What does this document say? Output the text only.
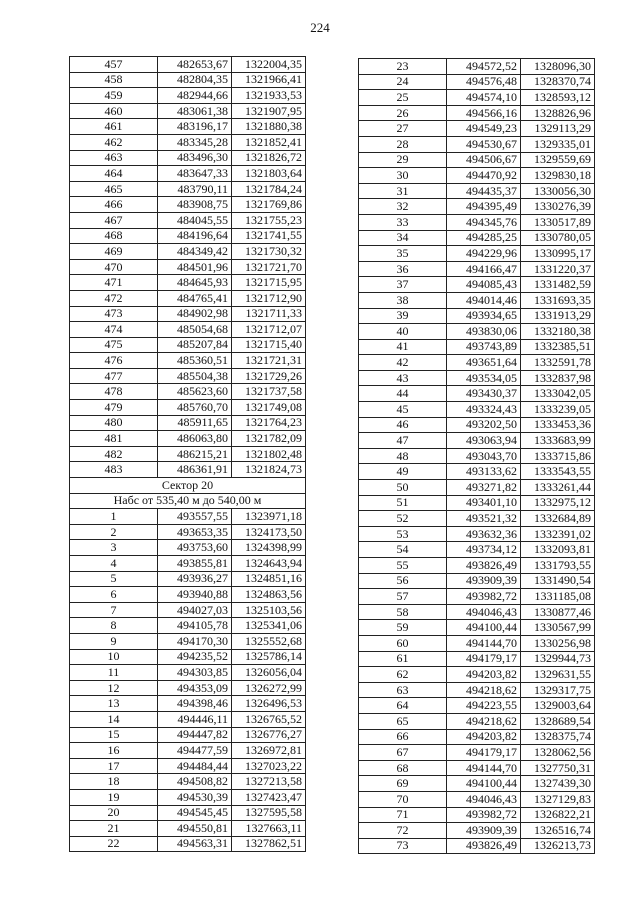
224
457	482653,67	1322004,35
458	482804,35	1321966,41
459	482944,66	1321933,53
460	483061,38	1321907,95
461	483196,17	1321880,38
462	483345,28	1321852,41
463	483496,30	1321826,72
464	483647,33	1321803,64
465	483790,11	1321784,24
466	483908,75	1321769,86
467	484045,55	1321755,23
468	484196,64	1321741,55
469	484349,42	1321730,32
470	484501,96	1321721,70
471	484645,93	1321715,95
472	484765,41	1321712,90
473	484902,98	1321711,33
474	485054,68	1321712,07
475	485207,84	1321715,40
476	485360,51	1321721,31
477	485504,38	1321729,26
478	485623,60	1321737,58
479	485760,70	1321749,08
480	485911,65	1321764,23
481	486063,80	1321782,09
482	486215,21	1321802,48
483	486361,91	1321824,73
Сектор 20		
Набс от 535,40 м до 540,00 м		
1	493557,55	1323971,18
2	493653,35	1324173,50
3	493753,60	1324398,99
4	493855,81	1324643,94
5	493936,27	1324851,16
6	493940,88	1324863,56
7	494027,03	1325103,56
8	494105,78	1325341,06
9	494170,30	1325552,68
10	494235,52	1325786,14
11	494303,85	1326056,04
12	494353,09	1326272,99
13	494398,46	1326496,53
14	494446,11	1326765,52
15	494447,82	1326776,27
16	494477,59	1326972,81
17	494484,44	1327023,22
18	494508,82	1327213,58
19	494530,39	1327423,47
20	494545,45	1327595,58
21	494550,81	1327663,11
22	494563,31	1327862,51
23	494572,52	1328096,30
24	494576,48	1328370,74
25	494574,10	1328593,12
26	494566,16	1328826,96
27	494549,23	1329113,29
28	494530,67	1329335,01
29	494506,67	1329559,69
30	494470,92	1329830,18
31	494435,37	1330056,30
32	494395,49	1330276,39
33	494345,76	1330517,89
34	494285,25	1330780,05
35	494229,96	1330995,17
36	494166,47	1331220,37
37	494085,43	1331482,59
38	494014,46	1331693,35
39	493934,65	1331913,29
40	493830,06	1332180,38
41	493743,89	1332385,51
42	493651,64	1332591,78
43	493534,05	1332837,98
44	493430,37	1333042,05
45	493324,43	1333239,05
46	493202,50	1333453,36
47	493063,94	1333683,99
48	493043,70	1333715,86
49	493133,62	1333543,55
50	493271,82	1333261,44
51	493401,10	1332975,12
52	493521,32	1332684,89
53	493632,36	1332391,02
54	493734,12	1332093,81
55	493826,49	1331793,55
56	493909,39	1331490,54
57	493982,72	1331185,08
58	494046,43	1330877,46
59	494100,44	1330567,99
60	494144,70	1330256,98
61	494179,17	1329944,73
62	494203,82	1329631,55
63	494218,62	1329317,75
64	494223,55	1329003,64
65	494218,62	1328689,54
66	494203,82	1328375,74
67	494179,17	1328062,56
68	494144,70	1327750,31
69	494100,44	1327439,30
70	494046,43	1327129,83
71	493982,72	1326822,21
72	493909,39	1326516,74
73	493826,49	1326213,73
